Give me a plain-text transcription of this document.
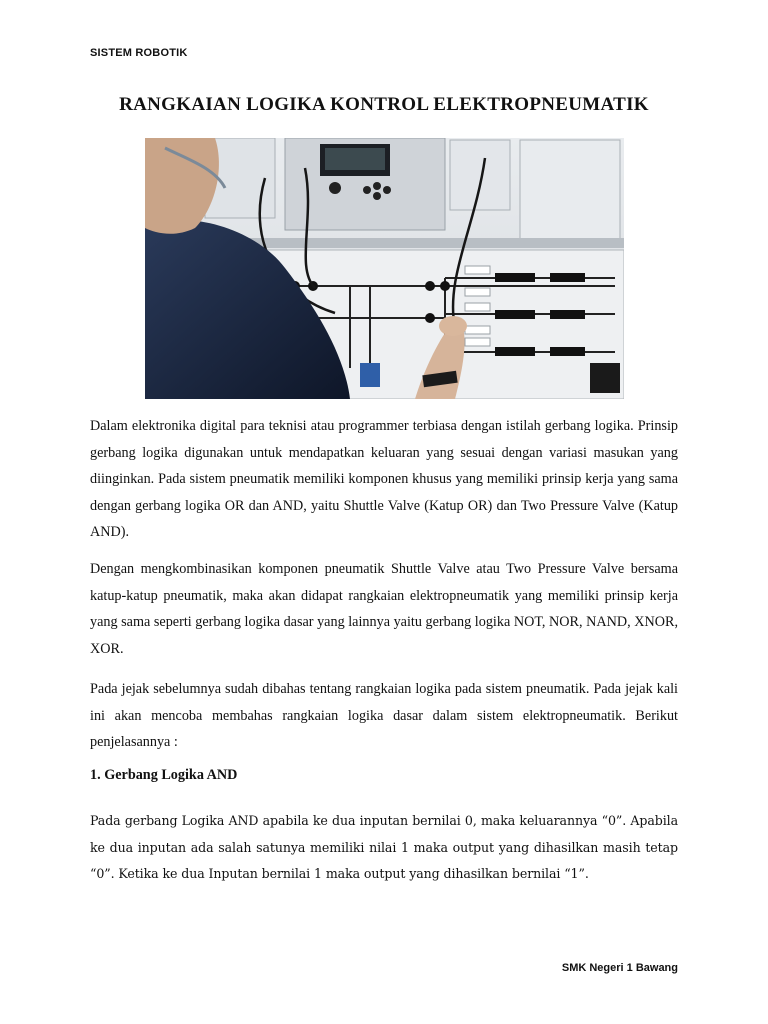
SISTEM ROBOTIK
RANGKAIAN LOGIKA KONTROL ELEKTROPNEUMATIK

Dalam elektronika digital para teknisi atau programmer terbiasa dengan istilah gerbang logika. Prinsip gerbang logika digunakan untuk mendapatkan keluaran yang sesuai dengan variasi masukan yang diinginkan. Pada sistem pneumatik memiliki komponen khusus yang memiliki prinsip kerja yang sama dengan gerbang logika OR dan AND, yaitu Shuttle Valve (Katup OR) dan Two Pressure Valve (Katup AND).

Dengan mengkombinasikan komponen pneumatik Shuttle Valve atau Two Pressure Valve bersama katup-katup pneumatik, maka akan didapat rangkaian elektropneumatik yang memiliki prinsip kerja yang sama seperti gerbang logika dasar yang lainnya yaitu gerbang logika NOT, NOR, NAND, XNOR, XOR.

Pada jejak sebelumnya sudah dibahas tentang rangkaian logika pada sistem pneumatik. Pada jejak kali ini akan mencoba membahas rangkaian logika dasar dalam sistem elektropneumatik. Berikut penjelasannya :

1. Gerbang Logika AND

Pada gerbang Logika AND apabila ke dua inputan bernilai 0, maka keluarannya “0”. Apabila ke dua inputan ada salah satunya memiliki nilai 1 maka output yang dihasilkan masih tetap “0”. Ketika ke dua Inputan bernilai 1 maka output yang dihasilkan bernilai “1”.

SMK Negeri 1 Bawang
